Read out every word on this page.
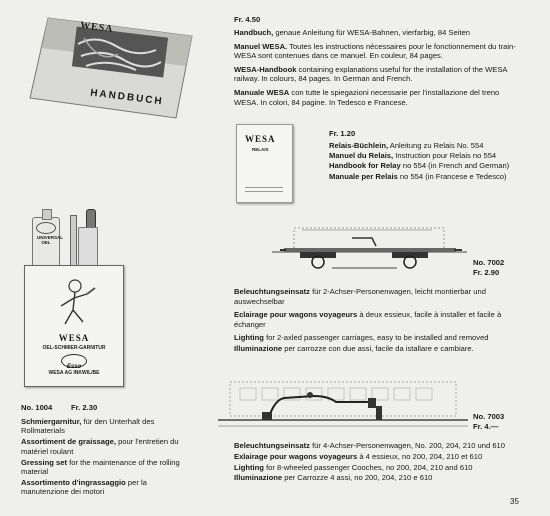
WESA
HANDBUCH
Fr. 4.50

Handbuch, genaue Anleitung für WESA-Bahnen, vierfarbig, 84 Seiten

Manuel WESA. Toutes les instructions nécessaires pour le fonctionnement du train-WESA sont contenues dans ce manuel. En couleur, 84 pages.

WESA-Handbook containing explanations useful for the installation of the WESA railway. In colours, 84 pages. In German and French.

Manuale WESA con tutte le spiegazioni necessarie per l'installazione del treno WESA. In colori, 84 pagine. In Tedesco e Francese.

WESA
RELAIS
Fr. 1.20
Relais-Büchlein, Anleitung zu Relais No. 554
Manuel du Relais, Instruction pour Relais no 554
Handbook for Relay no 554 (in French and German)
Manuale per Relais no 554 (in Francese e Tedesco)
No. 7002
Fr. 2.90

Beleuchtungseinsatz für 2-Achser-Personenwagen, leicht montierbar und auswechselbar

Eclairage pour wagons voyageurs à deux essieux, facile à installer et facile à échanger

Lighting for 2-axled passenger carriages, easy to be installed and removed

Illuminazione per carrozze con due assi, facile da istallare e cambiare.

UNIVERSAL OEL
WESA
OEL-SCHMIER-GARNITUR
Esso
WESA AG INKWIL/BE
No. 1004 Fr. 2.30

Schmiergarnitur, für den Unterhalt des Rollmaterials

Assortiment de graissage, pour l'entretien du matériel roulant

Gressing set for the maintenance of the rolling material

Assortimento d'ingrassaggio per la manutenzione dei motori

No. 7003
Fr. 4.—
Beleuchtungseinsatz für 4-Achser-Personenwagen, No. 200, 204, 210 und 610
Exlairage pour wagons voyageurs à 4 essieux, no 200, 204, 210 et 610
Lighting for 8-wheeled passenger Cooches, no 200, 204, 210 and 610
Illuminazione per Carrozze 4 assi, no 200, 204, 210 e 610
35
